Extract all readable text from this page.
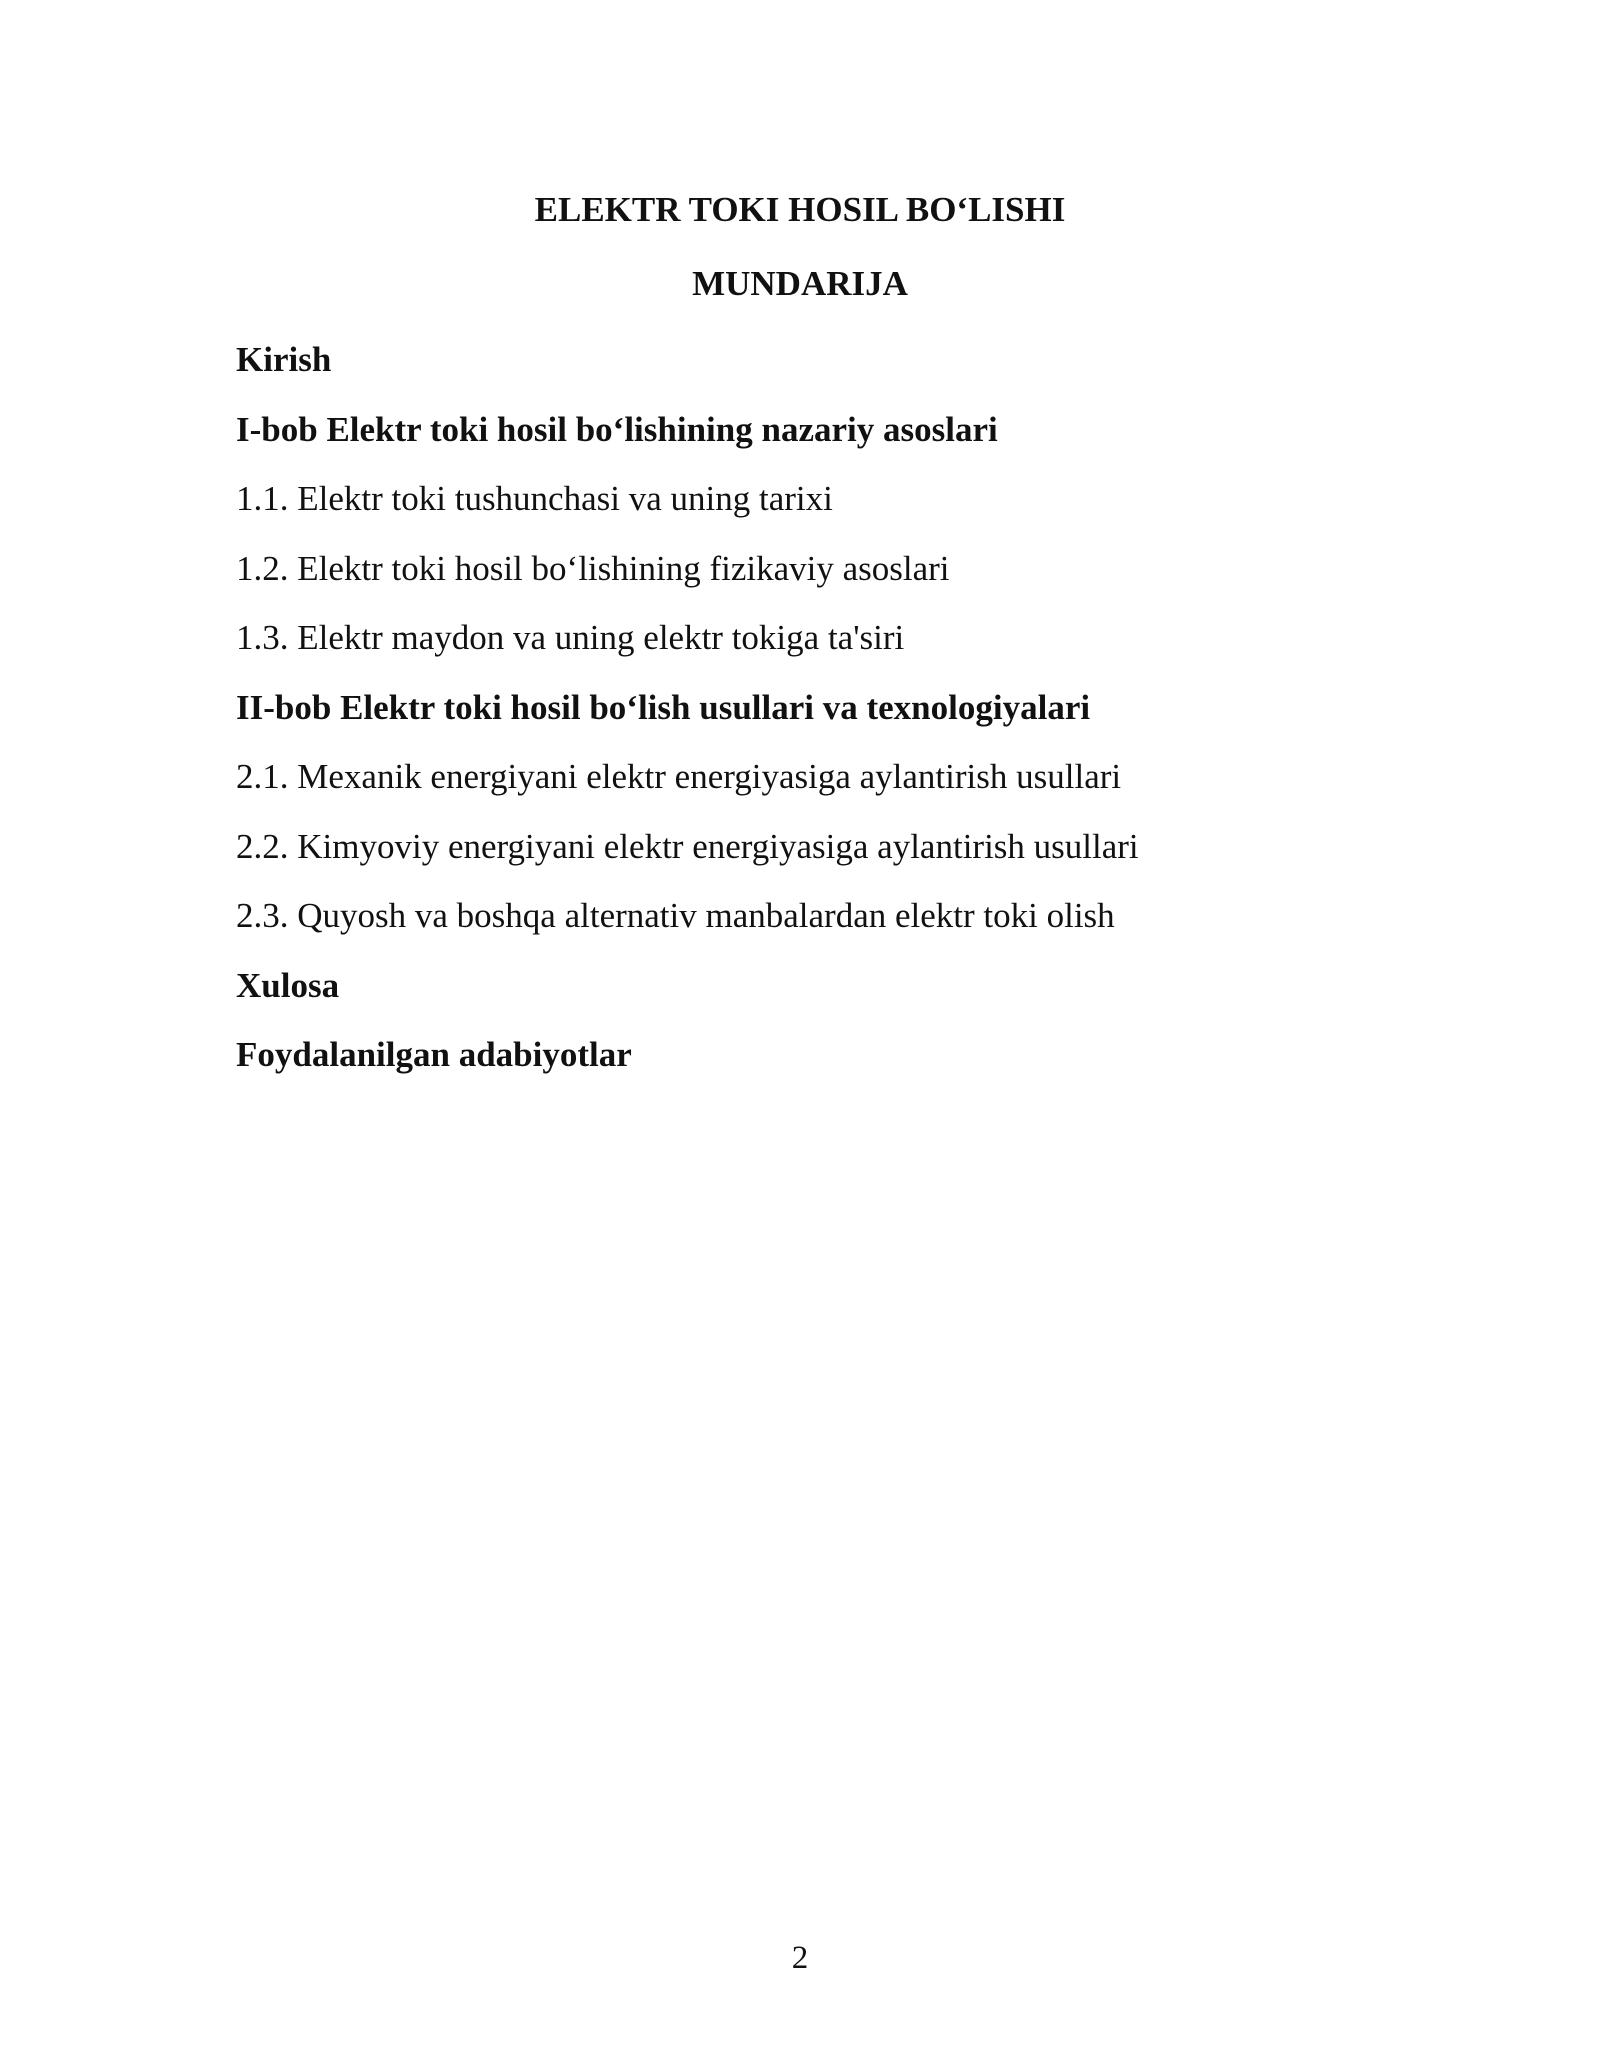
ELEKTR TOKI HOSIL BO‘LISHI
MUNDARIJA
Kirish
I-bob Elektr toki hosil bo‘lishining nazariy asoslari
1.1. Elektr toki tushunchasi va uning tarixi
1.2. Elektr toki hosil bo‘lishining fizikaviy asoslari
1.3. Elektr maydon va uning elektr tokiga ta'siri
II-bob Elektr toki hosil bo‘lish usullari va texnologiyalari
2.1. Mexanik energiyani elektr energiyasiga aylantirish usullari
2.2. Kimyoviy energiyani elektr energiyasiga aylantirish usullari
2.3. Quyosh va boshqa alternativ manbalardan elektr toki olish
Xulosa
Foydalanilgan adabiyotlar
2
